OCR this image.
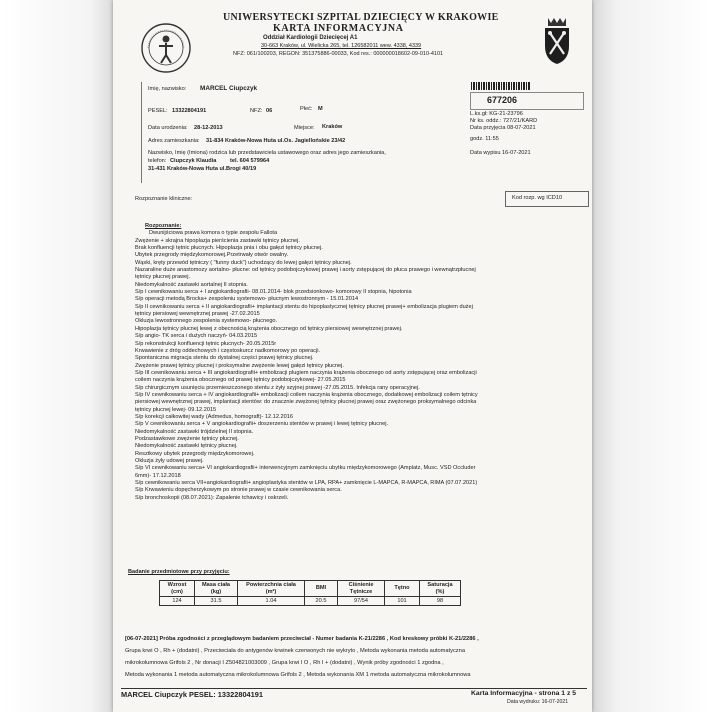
UNIWERSYTECKI SZPITAL DZIECIĘCY W KRAKOWIE
KARTA INFORMACYJNA
Oddział Kardiologii Dziecięcej A1
30-663 Kraków, ul. Wielicka 265, tel. 126582011 wew. 4338, 4339
NFZ: 061/100203, REGON: 351375886-00033, Kod res.: 000000018602-09-010-4101
Imię, nazwisko: MARCEL Ciupczyk
PESEL: 13322804191	NFZ: 06	Płeć: M
Data urodzenia: 28-12-2013	Miejsce: Kraków
Adres zamieszkania: 31-834 Kraków-Nowa Huta ul.Os. Jagiellońskie 23/42
Nazwisko, Imię (Imiona) rodzica lub przedstawiciela ustawowego oraz adres jego zamieszkania,
telefon: Ciupczyk Klaudia tel. 604 579964
31-431 Kraków-Nowa Huta ul.Brogi 40/19
677206
L.ks.gł: KG-21-23796
Nr ks. oddz.: 727/21/KARD
Data przyjęcia 08-07-2021
godz. 11:55
Data wypisu 16-07-2021
Rozpoznanie kliniczne:	Kod rozp. wg ICD10
Rozpoznanie:
Dwunijściowa prawa komora o typie zespołu Fallota
Zwężenie + skrajna hipoplazja pierścienia zastawki tętnicy płucnej.
Brak konfluencji tętnic płucnych. Hipoplazja pnia i obu gałęzi tętnicy płucnej.
Ubytek przegrody międzykomorowej.Przetrwały otwór owalny.
Wąski, kręty przewód tętniczy ( "funny duck") uchodzący do lewej gałęzi tętnicy płucnej.
Nazaraline duże anastomozy aortalno- płucne: od tętnicy podobojczykowej prawej i aorty zstępującej do płuca prawego i wewnątrzpłucnej
tętnicy płucnej prawej.
Niedomykalność zastawki aortalnej II stopnia.
S/p I cewnikowaniu serca + I angiokardiografii- 08.01.2014- blok przedsionkowo- komorowy II stopnia, hipotonia
S/p operacji metodą Brocka+ zespoleniu systemowo- płucnym lewostronnym - 15.01.2014
S/p II cewnikowaniu serca + II angiokardiografii+ implantacji stentu do hipoplastycznej tętnicy płucnej prawej+ embolizacja plugiem dużej
tętnicy piersiowej wewnętrznej prawej -27.02.2015
Okluzja lewostronnego zespolenia systemowo- płucnego.
Hipoplazja tętnicy płucnej lewej z obecnością krążenia obocznego od tętnicy piersiowej wewnętrznej prawej.
S/p angio- TK serca i dużych naczyń- 04.03.2015
S/p rekonstrukcji konfluencji tętnic płucnych- 20.05.2015r
Krwawienie z dróg oddechowych i częstoskurcz nadkomorowy po operacji.
Spontaniczna migracja stentu do dystalnej części prawej tętnicy płucnej.
Zwężenie prawej tętnicy płucnej i proksymalne zwężenie lewej gałęzi tętnicy płucnej.
S/p III cewnikowaniu serca + III angiokardiografii+ embolizacji plugiem naczynia krążenia obocznego od aorty zstępującej oraz embolizacji
coilem naczynia krążenia obocznego od prawej tętnicy podobojczykowej- 27.05.2015
S/p chirurgicznym usunięciu przemieszczonego stentu z żyły szyjnej prawej -27.05.2015. Infekcja rany operacyjnej.
S/p IV cewnikowaniu serca + IV angiokardiografii+ embolizacji coilem naczynia krążenia obocznego, dodatkowej embolizacji coilem tętnicy
piersiowej wewnętrznej prawej, implantacji stentów: do znacznie zwężonej tętnicy płucnej prawej oraz zwężonego proksymalnego odcinka
tętnicy płucnej lewej- 09.12.2015
S/p korekcji całkowitej wady (Admedus, homograft)- 12.12.2016
S/p V cewnikowaniu serca + V angiokardiografii+ doszerzeniu stentów w prawej i lewej tętnicy płucnej.
Niedomykalność zastawki trójdzielnej II stopnia.
Podzastawkowe zwężenie tętnicy płucnej.
Niedomykalność zastawki tętnicy płucnej.
Resztkowy ubytek przegrody międzykomorowej.
Okluzja żyły udowej prawej.
S/p VI cewnikowaniu serca+ VI angiokardiografii+ interwencyjnym zamknięciu ubytku międzykomorowego (Amplatz, Musc. VSD Occluder
6mm)- 17.12.2018
S/p cewnikowaniu serca VII+angiokardiografii+ angioplastyka stentów w LPA, RPA+ zamknięcie L-MAPCA, R-MAPCA, RIMA (07.07.2021)
S/p Krwawieniu dopęcherzykowym po stronie prawej w czasie cewnikowania serca.
S/p bronchoskopii (08.07.2021): Zapalenie tchawicy i oskrzeli.
Badanie przedmiotowe przy przyjęciu:
Wzrost (cm)	Masa ciała (kg)	Powierzchnia ciała (m²)	BMI	Ciśnienie Tętnicze	Tętno	Saturacja (%)
124	31.5	1.04	20.5	97/54	101	98
[06-07-2021] Próba zgodności z przeglądowym badaniem przeciwciał - Numer badania K-21/2286 , Kod kreskowy próbki K-21/2286 ,
Grupa krwi O , Rh + (dodatni) , Przeciwciała do antygenów krwinek czerwonych nie wykryto , Metoda wykonania metoda automatyczna
mikrokolumnowa Grifols 2 , Nr donacji I Z504821003009 , Grupa krwi I O , Rh I + (dodatni) , Wynik próby zgodności 1 zgodna ,
Metoda wykonania 1 metoda automatyczna mikrokolumnowa Grifols 2 , Metoda wykonania XM 1 metoda automatyczna mikrokolumnowa
MARCEL Ciupczyk PESEL: 13322804191	Karta Informacyjna - strona 1 z 5
Data wydruku: 16-07-2021
